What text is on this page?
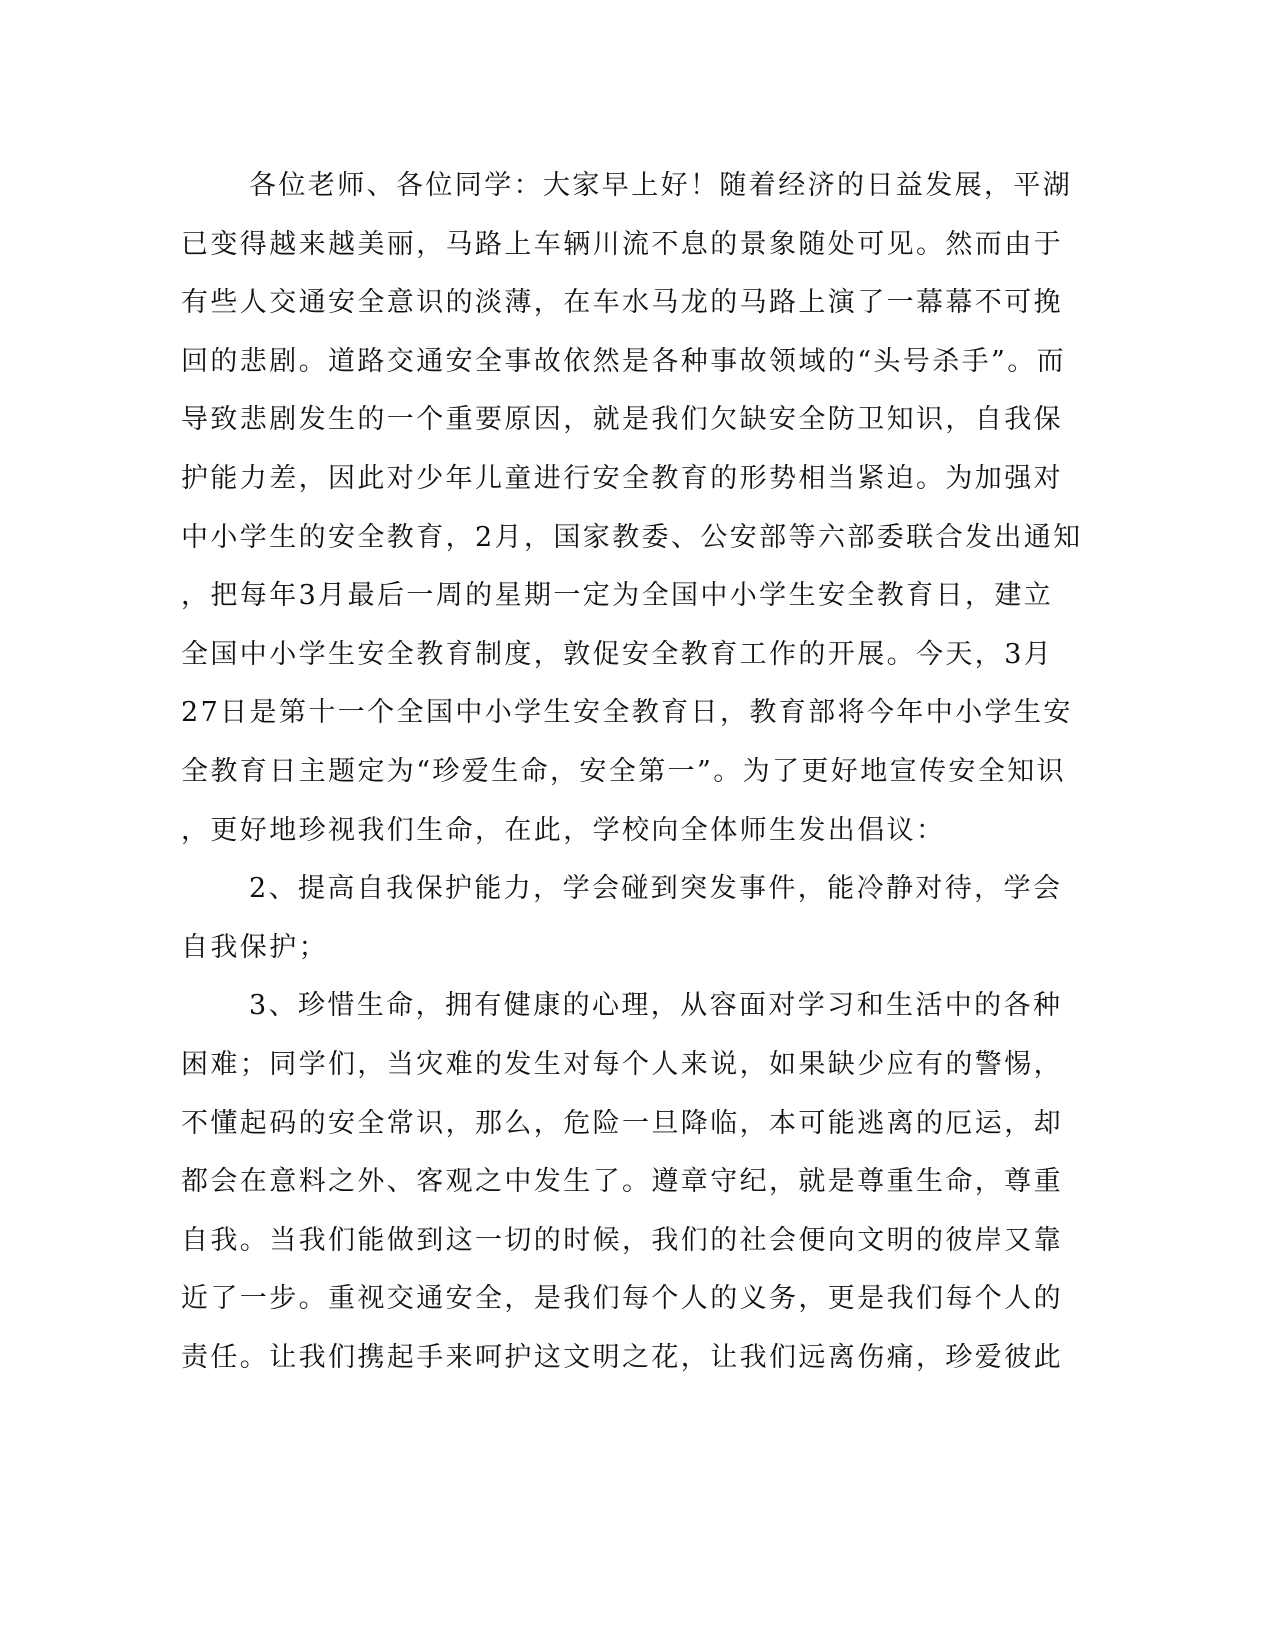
各位老师、各位同学：大家早上好！随着经济的日益发展，平湖
已变得越来越美丽，马路上车辆川流不息的景象随处可见。然而由于
有些人交通安全意识的淡薄，在车水马龙的马路上演了一幕幕不可挽
回的悲剧。道路交通安全事故依然是各种事故领域的“头号杀手”。而
导致悲剧发生的一个重要原因，就是我们欠缺安全防卫知识，自我保
护能力差，因此对少年儿童进行安全教育的形势相当紧迫。为加强对
中小学生的安全教育，2月，国家教委、公安部等六部委联合发出通知
，把每年3月最后一周的星期一定为全国中小学生安全教育日，建立
全国中小学生安全教育制度，敦促安全教育工作的开展。今天，3月
27日是第十一个全国中小学生安全教育日，教育部将今年中小学生安
全教育日主题定为“珍爱生命，安全第一”。为了更好地宣传安全知识
，更好地珍视我们生命，在此，学校向全体师生发出倡议：
2、提高自我保护能力，学会碰到突发事件，能冷静对待，学会
自我保护；
3、珍惜生命，拥有健康的心理，从容面对学习和生活中的各种
困难；同学们，当灾难的发生对每个人来说，如果缺少应有的警惕，
不懂起码的安全常识，那么，危险一旦降临，本可能逃离的厄运，却
都会在意料之外、客观之中发生了。遵章守纪，就是尊重生命，尊重
自我。当我们能做到这一切的时候，我们的社会便向文明的彼岸又靠
近了一步。重视交通安全，是我们每个人的义务，更是我们每个人的
责任。让我们携起手来呵护这文明之花，让我们远离伤痛，珍爱彼此
